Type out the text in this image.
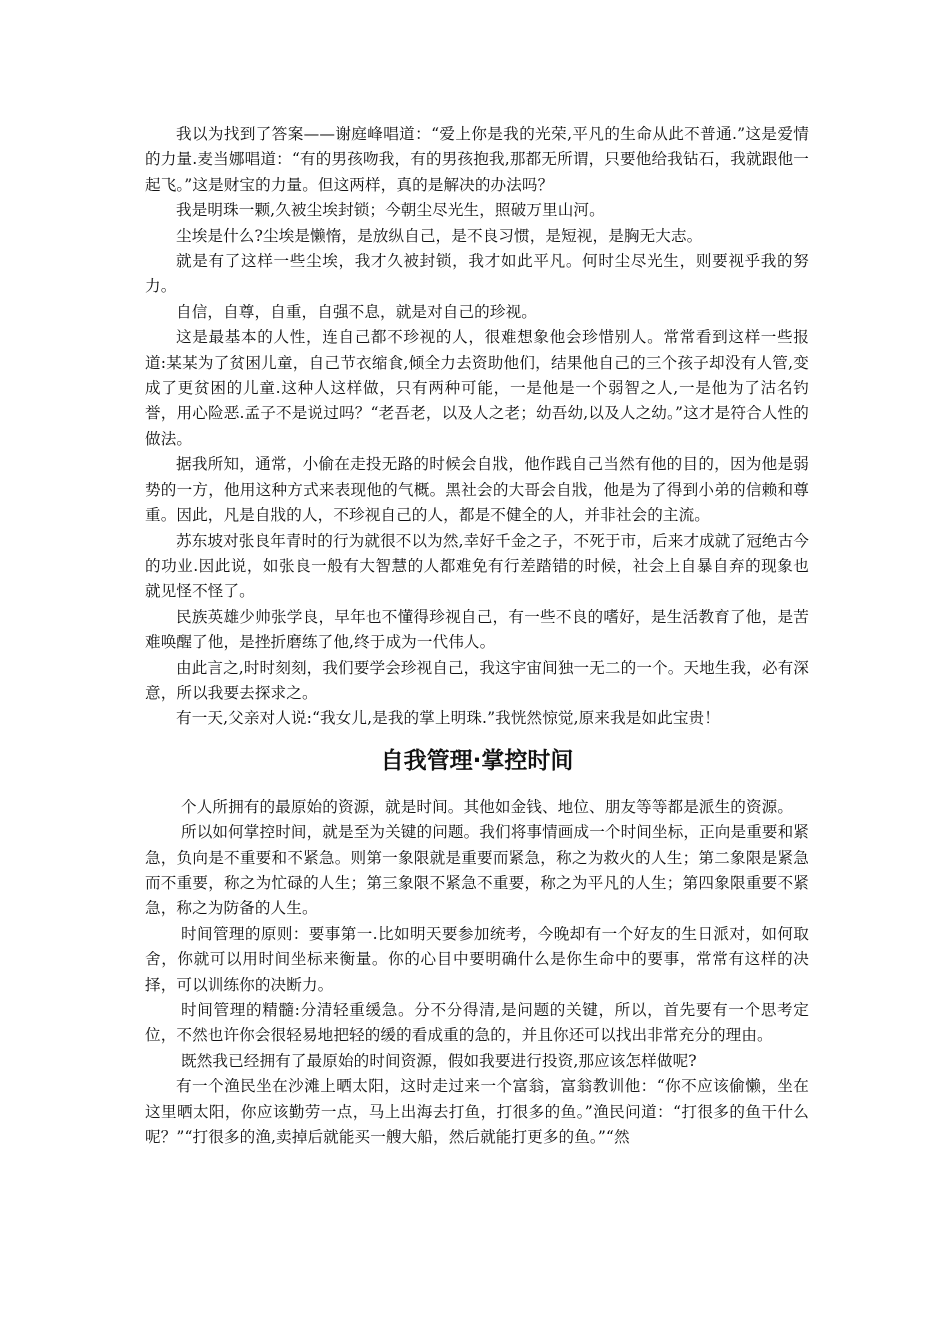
我以为找到了答案——谢庭峰唱道：“爱上你是我的光荣,平凡的生命从此不普通.”这是爱情的力量.麦当娜唱道：“有的男孩吻我，有的男孩抱我,那都无所谓，只要他给我钻石，我就跟他一起飞。”这是财宝的力量。但这两样，真的是解决的办法吗？

我是明珠一颗,久被尘埃封锁；今朝尘尽光生，照破万里山河。

尘埃是什么?尘埃是懒惰，是放纵自己，是不良习惯，是短视，是胸无大志。

就是有了这样一些尘埃，我才久被封锁，我才如此平凡。何时尘尽光生，则要视乎我的努力。

自信，自尊，自重，自强不息，就是对自己的珍视。

这是最基本的人性，连自己都不珍视的人，很难想象他会珍惜别人。常常看到这样一些报道:某某为了贫困儿童，自己节衣缩食,倾全力去资助他们，结果他自己的三个孩子却没有人管,变成了更贫困的儿童.这种人这样做，只有两种可能，一是他是一个弱智之人,一是他为了沽名钓誉，用心险恶.孟子不是说过吗？“老吾老，以及人之老；幼吾幼,以及人之幼。”这才是符合人性的做法。

据我所知，通常，小偷在走投无路的时候会自戕，他作践自己当然有他的目的，因为他是弱势的一方，他用这种方式来表现他的气概。黑社会的大哥会自戕，他是为了得到小弟的信赖和尊重。因此，凡是自戕的人，不珍视自己的人，都是不健全的人，并非社会的主流。

苏东坡对张良年青时的行为就很不以为然,幸好千金之子，不死于市，后来才成就了冠绝古今的功业.因此说，如张良一般有大智慧的人都难免有行差踏错的时候，社会上自暴自弃的现象也就见怪不怪了。

民族英雄少帅张学良，早年也不懂得珍视自己，有一些不良的嗜好，是生活教育了他，是苦难唤醒了他，是挫折磨练了他,终于成为一代伟人。

由此言之,时时刻刻，我们要学会珍视自己，我这宇宙间独一无二的一个。天地生我，必有深意，所以我要去探求之。

有一天,父亲对人说:“我女儿,是我的掌上明珠.”我恍然惊觉,原来我是如此宝贵！

自我管理·掌控时间

个人所拥有的最原始的资源，就是时间。其他如金钱、地位、朋友等等都是派生的资源。

所以如何掌控时间，就是至为关键的问题。我们将事情画成一个时间坐标，正向是重要和紧急，负向是不重要和不紧急。则第一象限就是重要而紧急，称之为救火的人生；第二象限是紧急而不重要，称之为忙碌的人生；第三象限不紧急不重要，称之为平凡的人生；第四象限重要不紧急，称之为防备的人生。

时间管理的原则：要事第一.比如明天要参加统考，今晚却有一个好友的生日派对，如何取舍，你就可以用时间坐标来衡量。你的心目中要明确什么是你生命中的要事，常常有这样的决择，可以训练你的决断力。

时间管理的精髓:分清轻重缓急。分不分得清,是问题的关键，所以，首先要有一个思考定位，不然也许你会很轻易地把轻的缓的看成重的急的，并且你还可以找出非常充分的理由。

既然我已经拥有了最原始的时间资源，假如我要进行投资,那应该怎样做呢?

有一个渔民坐在沙滩上晒太阳，这时走过来一个富翁，富翁教训他：“你不应该偷懒，坐在这里晒太阳，你应该勤劳一点，马上出海去打鱼，打很多的鱼。”渔民问道：“打很多的鱼干什么呢？”“打很多的渔,卖掉后就能买一艘大船，然后就能打更多的鱼。”“然
